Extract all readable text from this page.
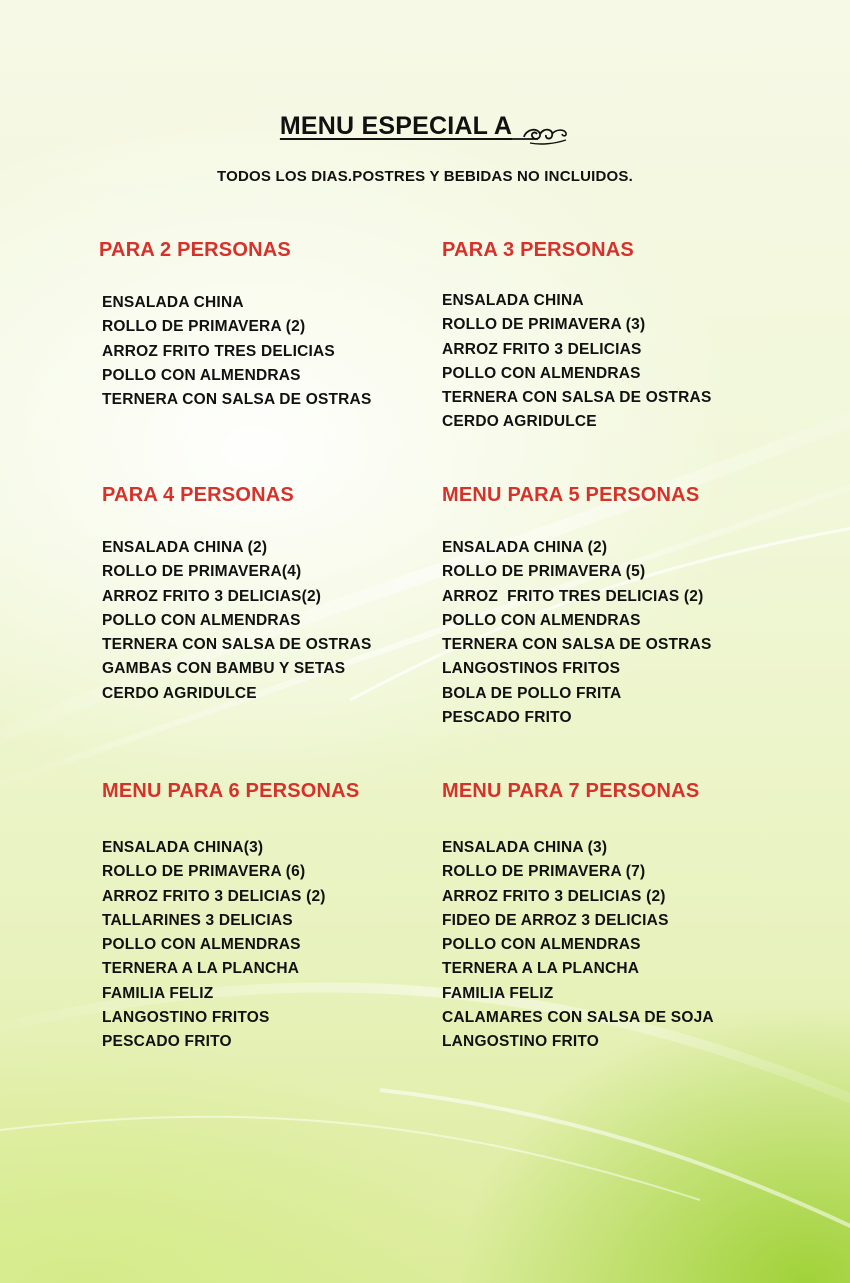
MENU ESPECIAL A
TODOS LOS DIAS.POSTRES Y BEBIDAS NO INCLUIDOS.
PARA 2 PERSONAS
ENSALADA CHINA
ROLLO DE PRIMAVERA (2)
ARROZ FRITO TRES DELICIAS
POLLO CON ALMENDRAS
TERNERA CON SALSA DE OSTRAS
PARA 3 PERSONAS
ENSALADA CHINA
ROLLO DE PRIMAVERA (3)
ARROZ FRITO 3 DELICIAS
POLLO CON ALMENDRAS
TERNERA CON SALSA DE OSTRAS
CERDO AGRIDULCE
PARA 4 PERSONAS
ENSALADA CHINA (2)
ROLLO DE PRIMAVERA(4)
ARROZ FRITO 3 DELICIAS(2)
POLLO CON ALMENDRAS
TERNERA CON SALSA DE OSTRAS
GAMBAS CON BAMBU Y SETAS
CERDO AGRIDULCE
MENU PARA 5 PERSONAS
ENSALADA CHINA (2)
ROLLO DE PRIMAVERA (5)
ARROZ  FRITO TRES DELICIAS (2)
POLLO CON ALMENDRAS
TERNERA CON SALSA DE OSTRAS
LANGOSTINOS FRITOS
BOLA DE POLLO FRITA
PESCADO FRITO
MENU PARA 6 PERSONAS
ENSALADA CHINA(3)
ROLLO DE PRIMAVERA (6)
ARROZ FRITO 3 DELICIAS (2)
TALLARINES 3 DELICIAS
POLLO CON ALMENDRAS
TERNERA A LA PLANCHA
FAMILIA FELIZ
LANGOSTINO FRITOS
PESCADO FRITO
MENU PARA 7 PERSONAS
ENSALADA CHINA (3)
ROLLO DE PRIMAVERA (7)
ARROZ FRITO 3 DELICIAS (2)
FIDEO DE ARROZ 3 DELICIAS
POLLO CON ALMENDRAS
TERNERA A LA PLANCHA
FAMILIA FELIZ
CALAMARES CON SALSA DE SOJA
LANGOSTINO FRITO
